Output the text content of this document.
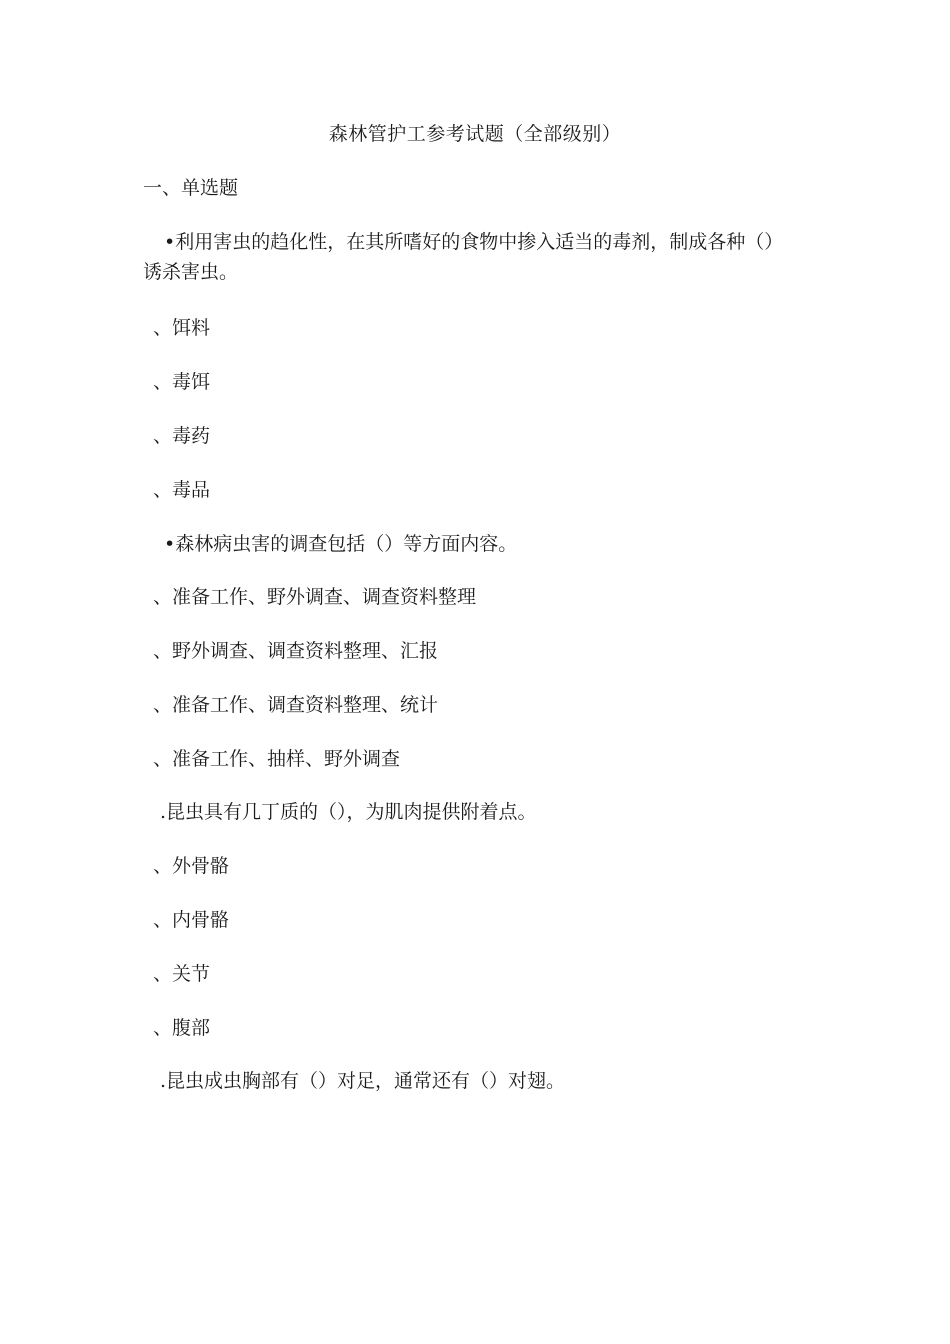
森林管护工参考试题（全部级别）
一、单选题
•利用害虫的趋化性，在其所嗜好的食物中掺入适当的毒剂，制成各种（）
诱杀害虫。
、饵料
、毒饵
、毒药
、毒品
•森林病虫害的调查包括（）等方面内容。
、准备工作、野外调查、调查资料整理
、野外调查、调查资料整理、汇报
、准备工作、调查资料整理、统计
、准备工作、抽样、野外调查
.昆虫具有几丁质的（），为肌肉提供附着点。
、外骨骼
、内骨骼
、关节
、腹部
.昆虫成虫胸部有（）对足，通常还有（）对翅。
